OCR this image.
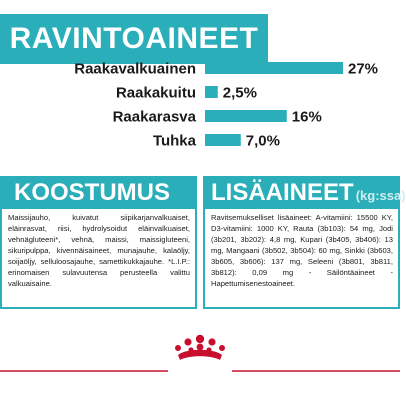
RAVINTOAINEET
Raakavalkuainen	27%
Raakakuitu 2,5%
Raakarasva	16%
Tuhka	7,0%
KOOSTUMUS
Maissijauho, kuivatut siipikarjanvalkuaiset, eläinrasvat, riisi, hydrolysoidut eläinvalkuaiset, vehnägluteeni*, vehnä, maissi, maissigluteeni, sikuripulppa, kivennäisaineet, munajauhe, kalaöljy, soijaöljy, selluloosajauhe, samettikukkajauhe. *L.I.P.: erinomaisen sulavuutensa perusteella valittu valkuaisaine.
LISÄAINEET (kg:ssa)
Ravitsemukselliset lisäaineet: A-vitamiini: 15500 KY, D3-vitamiini: 1000 KY, Rauta (3b103): 54 mg, Jodi (3b201, 3b202): 4,8 mg, Kupari (3b405, 3b406): 13 mg, Mangaani (3b502, 3b504): 60 mg, Sinkki (3b603, 3b605, 3b606): 137 mg, Seleeni (3b801, 3b811, 3b812): 0,09 mg - Säilöntäaineet - Hapettumisenestoaineet.
